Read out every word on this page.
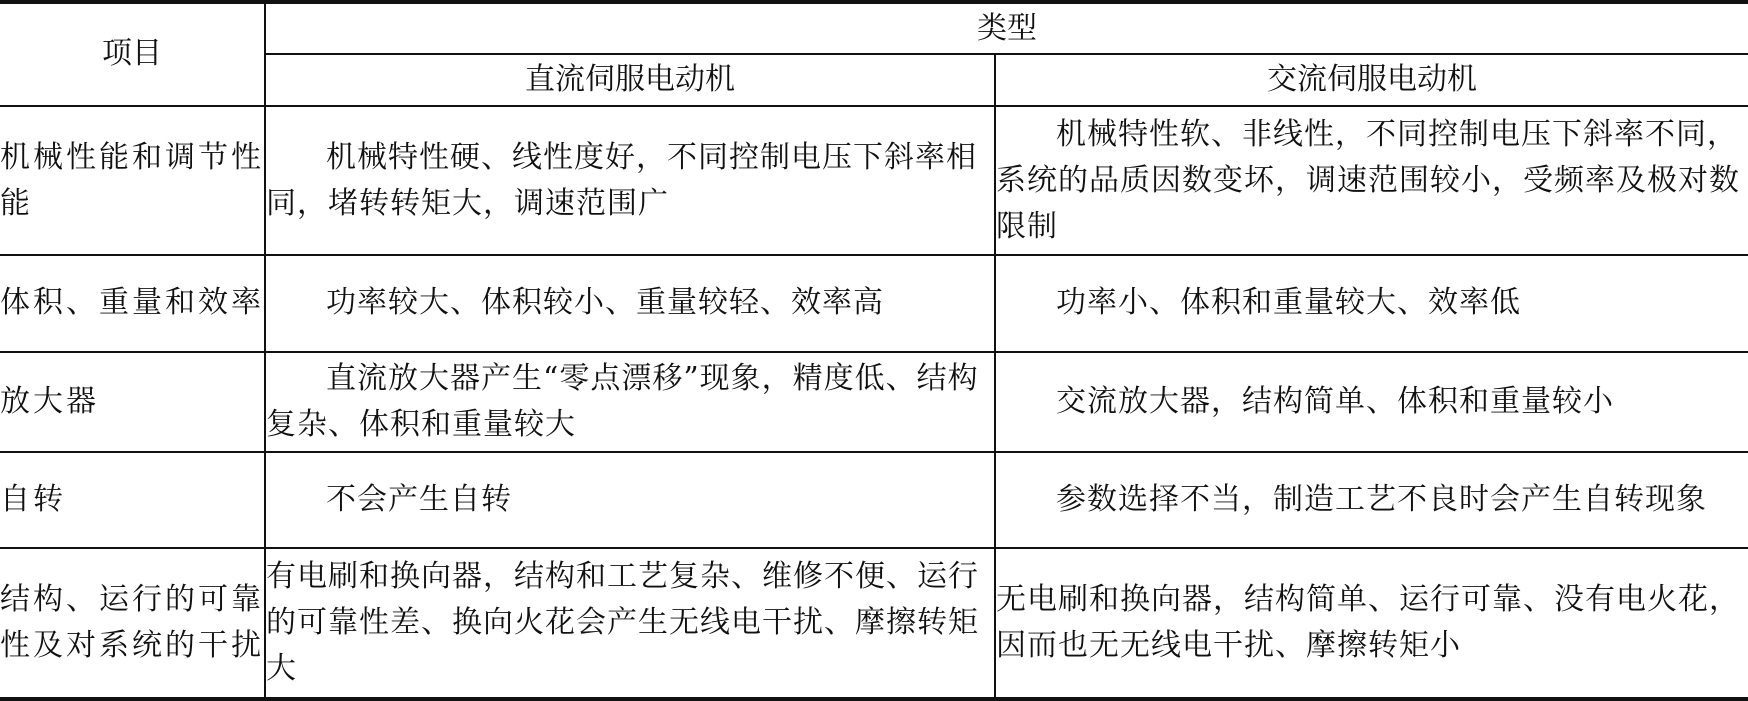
项目	类型	
	直流伺服电动机	交流伺服电动机
机械性能和调节性能	机械特性硬、线性度好，不同控制电压下斜率相同，堵转转矩大，调速范围广	机械特性软、非线性，不同控制电压下斜率不同，系统的品质因数变坏，调速范围较小，受频率及极对数限制
体积、重量和效率	功率较大、体积较小、重量较轻、效率高	功率小、体积和重量较大、效率低
放大器	直流放大器产生“零点漂移”现象，精度低、结构复杂、体积和重量较大	交流放大器，结构简单、体积和重量较小
自转	不会产生自转	参数选择不当，制造工艺不良时会产生自转现象
结构、运行的可靠性及对系统的干扰	有电刷和换向器，结构和工艺复杂、维修不便、运行的可靠性差、换向火花会产生无线电干扰、摩擦转矩大	无电刷和换向器，结构简单、运行可靠、没有电火花，因而也无无线电干扰、摩擦转矩小
